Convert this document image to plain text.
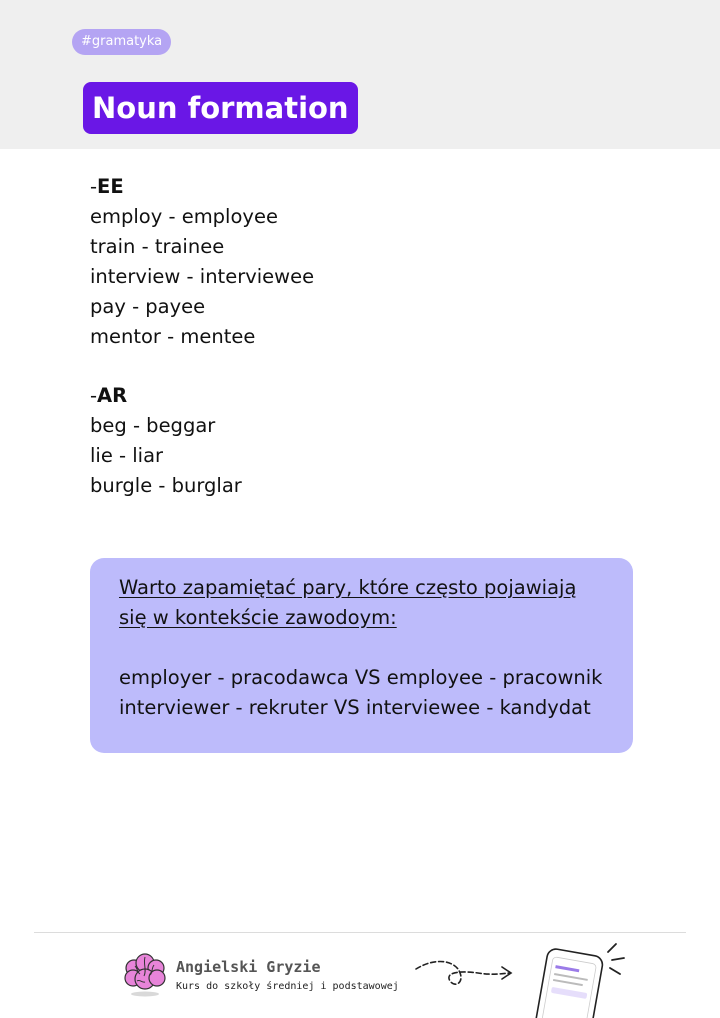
#gramatyka
Noun formation
-EE
employ - employee
train - trainee
interview - interviewee
pay - payee
mentor - mentee
-AR
beg - beggar
lie - liar
burgle - burglar
Warto zapamiętać pary, które często pojawiają
się w kontekście zawodoym:
employer - pracodawca VS employee - pracownik
interviewer - rekruter VS interviewee - kandydat
Angielski Gryzie
Kurs do szkoły średniej i podstawowej
